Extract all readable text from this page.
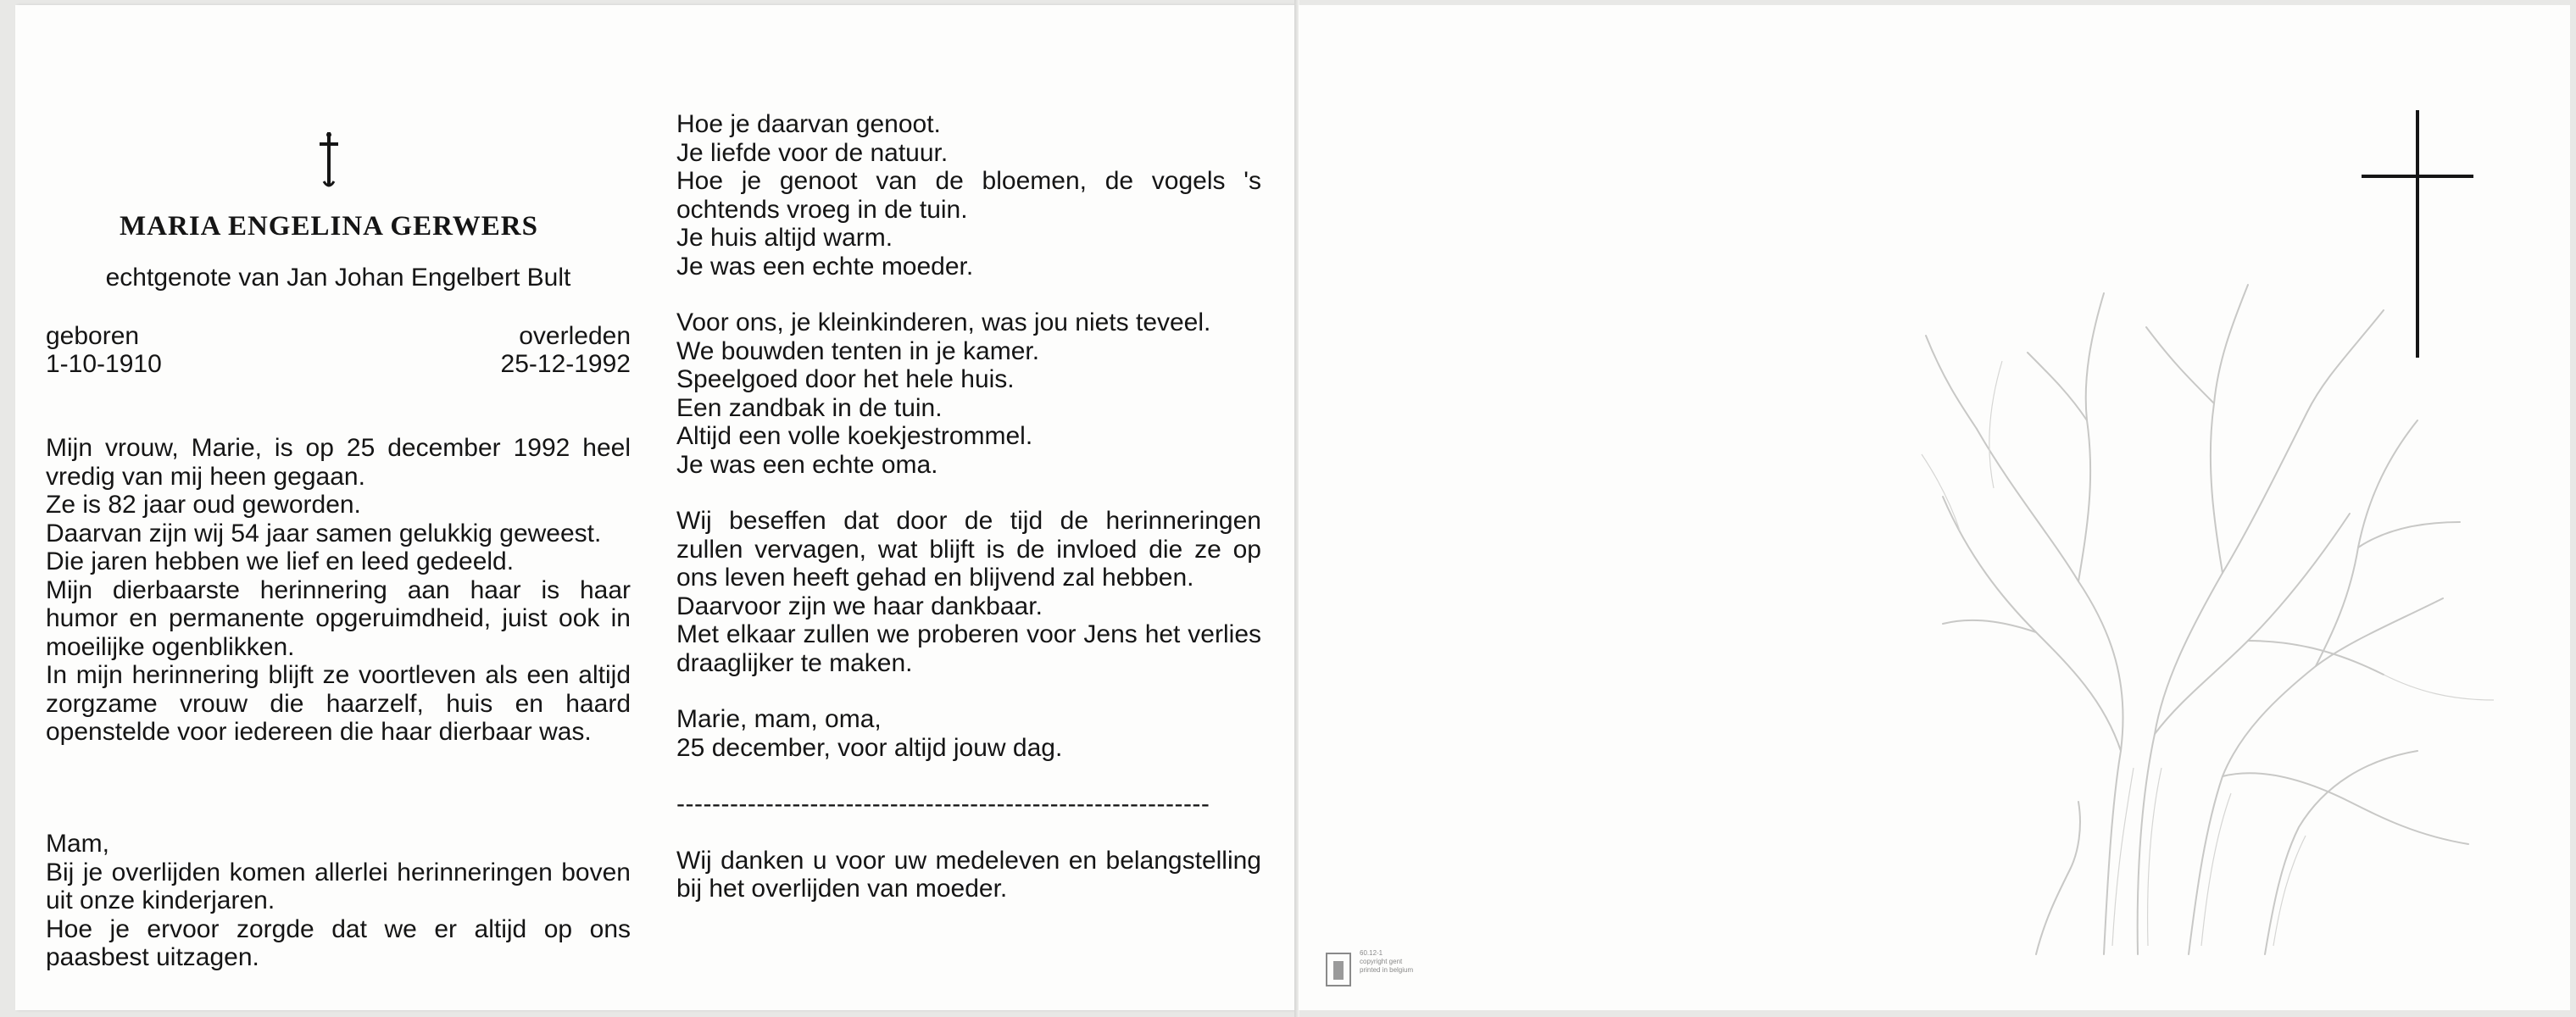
MARIA ENGELINA GERWERS
echtgenote van Jan Johan Engelbert Bult
geboren
1-10-1910
overleden
25-12-1992

Mijn vrouw, Marie, is op 25 december 1992 heel vredig van mij heen gegaan.

Ze is 82 jaar oud geworden.

Daarvan zijn wij 54 jaar samen gelukkig geweest.

Die jaren hebben we lief en leed gedeeld.

Mijn dierbaarste herinnering aan haar is haar humor en permanente opgeruimdheid, juist ook in moeilijke ogenblikken.

In mijn herinnering blijft ze voortleven als een altijd zorgzame vrouw die haarzelf, huis en haard openstelde voor iedereen die haar dierbaar was.

Mam,

Bij je overlijden komen allerlei herinneringen boven uit onze kinderjaren.

Hoe je ervoor zorgde dat we er altijd op ons paasbest uitzagen.

Hoe je daarvan genoot.

Je liefde voor de natuur.

Hoe je genoot van de bloemen, de vogels 's ochtends vroeg in de tuin.

Je huis altijd warm.

Je was een echte moeder.

Voor ons, je kleinkinderen, was jou niets teveel.

We bouwden tenten in je kamer.

Speelgoed door het hele huis.

Een zandbak in de tuin.

Altijd een volle koekjestrommel.

Je was een echte oma.

Wij beseffen dat door de tijd de herinneringen zullen vervagen, wat blijft is de invloed die ze op ons leven heeft gehad en blijvend zal hebben.

Daarvoor zijn we haar dankbaar.

Met elkaar zullen we proberen voor Jens het verlies draaglijker te maken.

Marie, mam, oma,

25 december, voor altijd jouw dag.

------------------------------------------------------------

Wij danken u voor uw medeleven en belangstelling bij het overlijden van moeder.

60.12-1
copyright gent
printed in belgium
